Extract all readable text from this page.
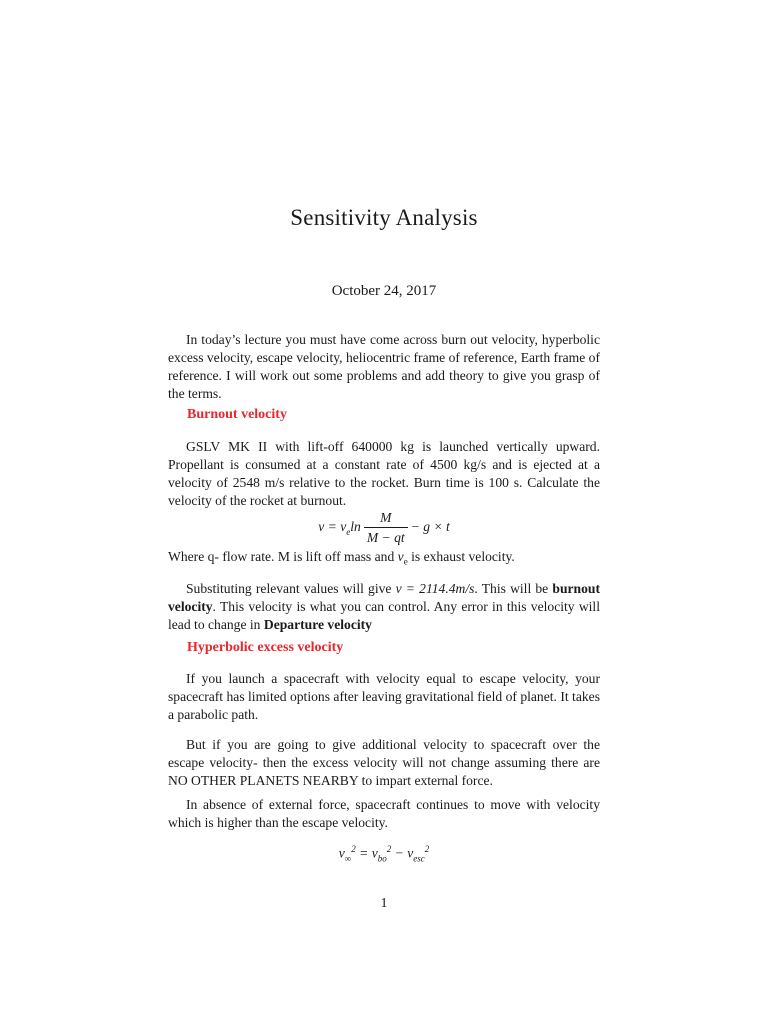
Sensitivity Analysis
October 24, 2017
In today’s lecture you must have come across burn out velocity, hyperbolic excess velocity, escape velocity, heliocentric frame of reference, Earth frame of reference. I will work out some problems and add theory to give you grasp of the terms.
Burnout velocity
GSLV MK II with lift-off 640000 kg is launched vertically upward. Propellant is consumed at a constant rate of 4500 kg/s and is ejected at a velocity of 2548 m/s relative to the rocket. Burn time is 100 s. Calculate the velocity of the rocket at burnout.
$v = v_e\ln \frac{M}{M - qt} - g \times t$
Where q- flow rate. M is lift off mass and $v_e$ is exhaust velocity.
Substituting relevant values will give v = 2114.4m/s. This will be burnout velocity. This velocity is what you can control. Any error in this velocity will lead to change in Departure velocity
Hyperbolic excess velocity
If you launch a spacecraft with velocity equal to escape velocity, your spacecraft has limited options after leaving gravitational field of planet. It takes a parabolic path.
But if you are going to give additional velocity to spacecraft over the escape velocity- then the excess velocity will not change assuming there are NO OTHER PLANETS NEARBY to impart external force.
In absence of external force, spacecraft continues to move with velocity which is higher than the escape velocity.
$v_\infty^2 = v_{bo}^2 - v_{esc}^2$
1
